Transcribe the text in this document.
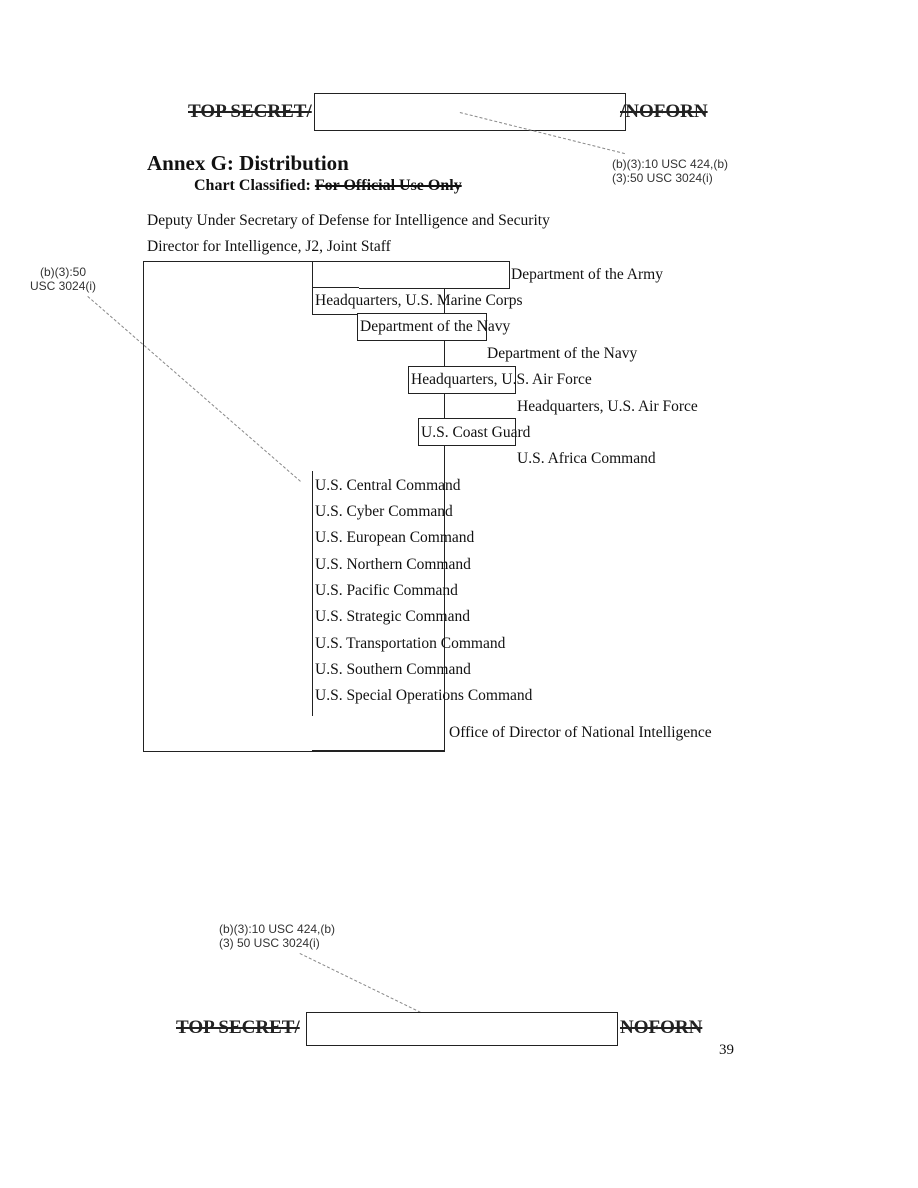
TOP SECRET/	/NOFORN
(b)(3):10 USC 424,(b)
(3):50 USC 3024(i)
Annex G: Distribution
Chart Classified: For Official Use Only
Deputy Under Secretary of Defense for Intelligence and Security
Director for Intelligence, J2, Joint Staff
(b)(3):50
USC 3024(i)
Department of the Army
Headquarters, U.S. Marine Corps
Department of the Navy
Department of the Navy
Headquarters, U.S. Air Force
Headquarters, U.S. Air Force
U.S. Coast Guard
U.S. Africa Command
U.S. Central Command
U.S. Cyber Command
U.S. European Command
U.S. Northern Command
U.S. Pacific Command
U.S. Strategic Command
U.S. Transportation Command
U.S. Southern Command
U.S. Special Operations Command
Office of Director of National Intelligence
(b)(3):10 USC 424,(b)
(3) 50 USC 3024(i)
TOP SECRET/	NOFORN
39
